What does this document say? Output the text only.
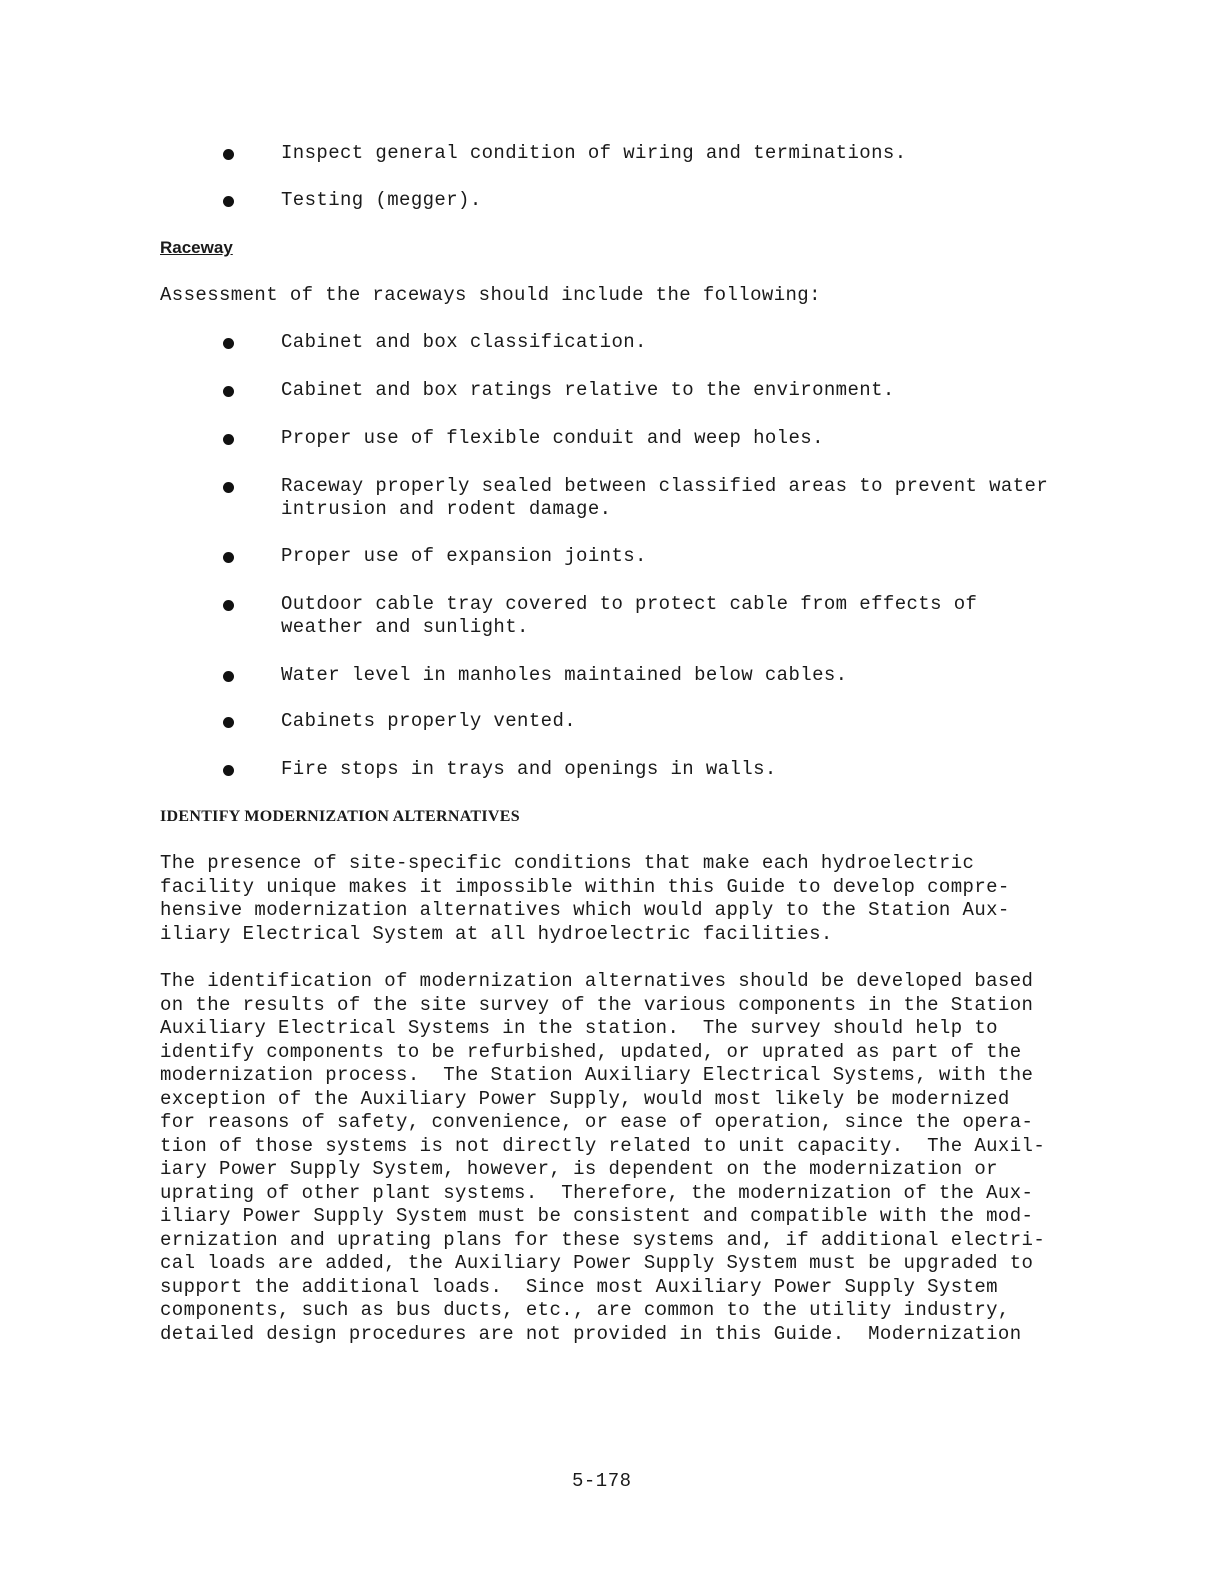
Inspect general condition of wiring and terminations.
Testing (megger).
Raceway
Assessment of the raceways should include the following:
Cabinet and box classification.
Cabinet and box ratings relative to the environment.
Proper use of flexible conduit and weep holes.
Raceway properly sealed between classified areas to prevent water
intrusion and rodent damage.
Proper use of expansion joints.
Outdoor cable tray covered to protect cable from effects of
weather and sunlight.
Water level in manholes maintained below cables.
Cabinets properly vented.
Fire stops in trays and openings in walls.
IDENTIFY MODERNIZATION ALTERNATIVES
The presence of site-specific conditions that make each hydroelectric
facility unique makes it impossible within this Guide to develop compre-
hensive modernization alternatives which would apply to the Station Aux-
iliary Electrical System at all hydroelectric facilities.
The identification of modernization alternatives should be developed based
on the results of the site survey of the various components in the Station
Auxiliary Electrical Systems in the station.  The survey should help to
identify components to be refurbished, updated, or uprated as part of the
modernization process.  The Station Auxiliary Electrical Systems, with the
exception of the Auxiliary Power Supply, would most likely be modernized
for reasons of safety, convenience, or ease of operation, since the opera-
tion of those systems is not directly related to unit capacity.  The Auxil-
iary Power Supply System, however, is dependent on the modernization or
uprating of other plant systems.  Therefore, the modernization of the Aux-
iliary Power Supply System must be consistent and compatible with the mod-
ernization and uprating plans for these systems and, if additional electri-
cal loads are added, the Auxiliary Power Supply System must be upgraded to
support the additional loads.  Since most Auxiliary Power Supply System
components, such as bus ducts, etc., are common to the utility industry,
detailed design procedures are not provided in this Guide.  Modernization
5-178
